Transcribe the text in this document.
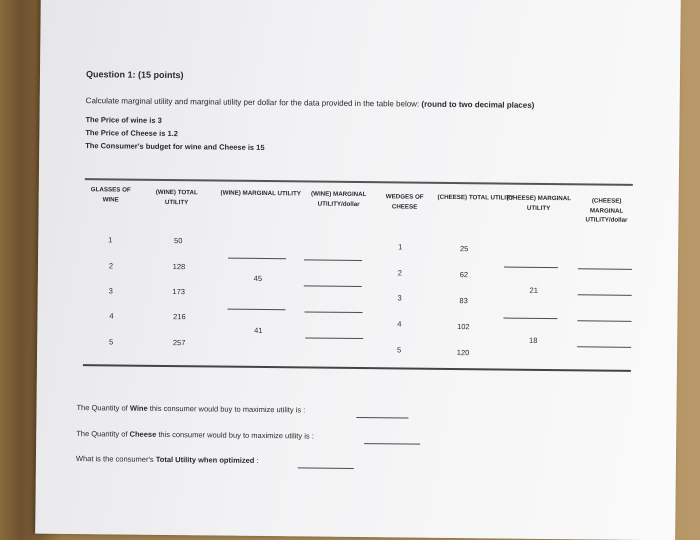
Question 1: (15 points)
Calculate marginal utility and marginal utility per dollar for the data provided in the table below: (round to two decimal places)
The Price of wine is 3
The Price of Cheese is 1.2
The Consumer's budget for wine and Cheese is 15
GLASSES OF WINE
(WINE) TOTAL UTILITY
(WINE) MARGINAL UTILITY	(WINE) MARGINAL UTILITY/dollar
WEDGES OF CHEESE
(CHEESE) TOTAL UTILITY
(CHEESE) MARGINAL UTILITY
(CHEESE) MARGINAL UTILITY/dollar
1
2
3
4
5
50
128
173
216
257
45
41
1
2
3
4
5
25
62
83
102
120
21
18
The Quantity of Wine this consumer would buy to maximize utility is :
The Quantity of Cheese this consumer would buy to maximize utility is :
What is the consumer's Total Utility when optimized :
